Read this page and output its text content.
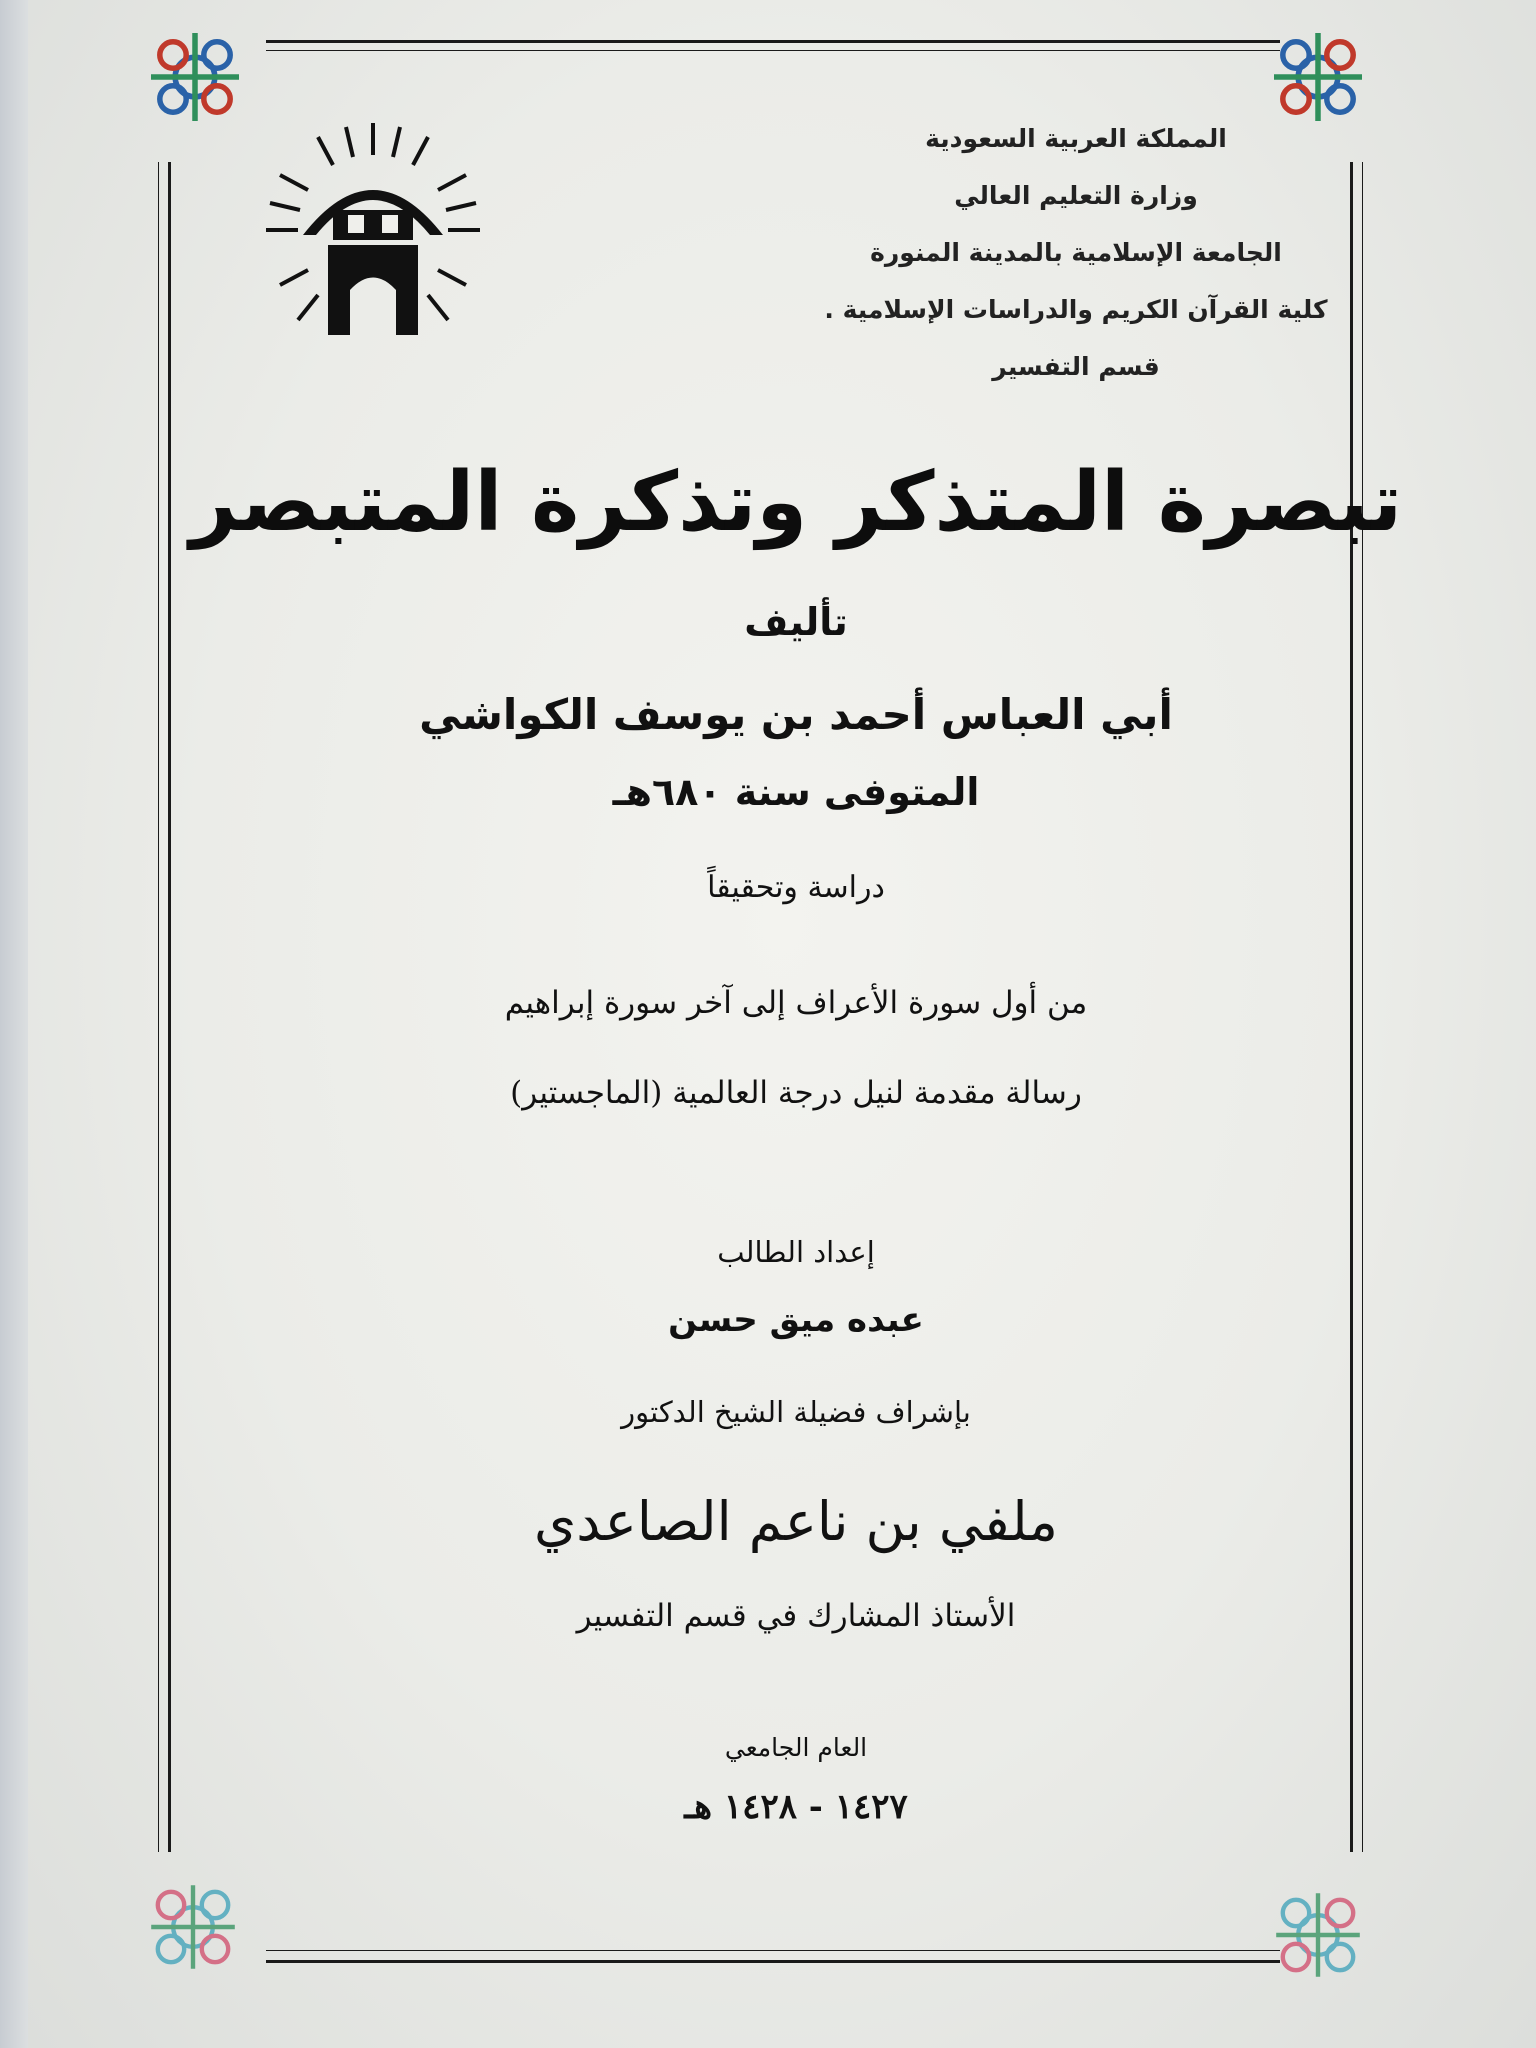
المملكة العربية السعودية
وزارة التعليم العالي
الجامعة الإسلامية بالمدينة المنورة
كلية القرآن الكريم والدراسات الإسلامية .
قسم التفسير
تبصرة المتذكر وتذكرة المتبصر
تأليف
أبي العباس أحمد بن يوسف الكواشي
المتوفى سنة ٦٨٠هـ
دراسة وتحقيقاً
من أول سورة الأعراف إلى آخر سورة إبراهيم
رسالة مقدمة لنيل درجة العالمية (الماجستير)
إعداد الطالب
عبده ميق حسن
بإشراف فضيلة الشيخ الدكتور
ملفي بن ناعم الصاعدي
الأستاذ المشارك في قسم التفسير
العام الجامعي
١٤٢٧ - ١٤٢٨ هـ
